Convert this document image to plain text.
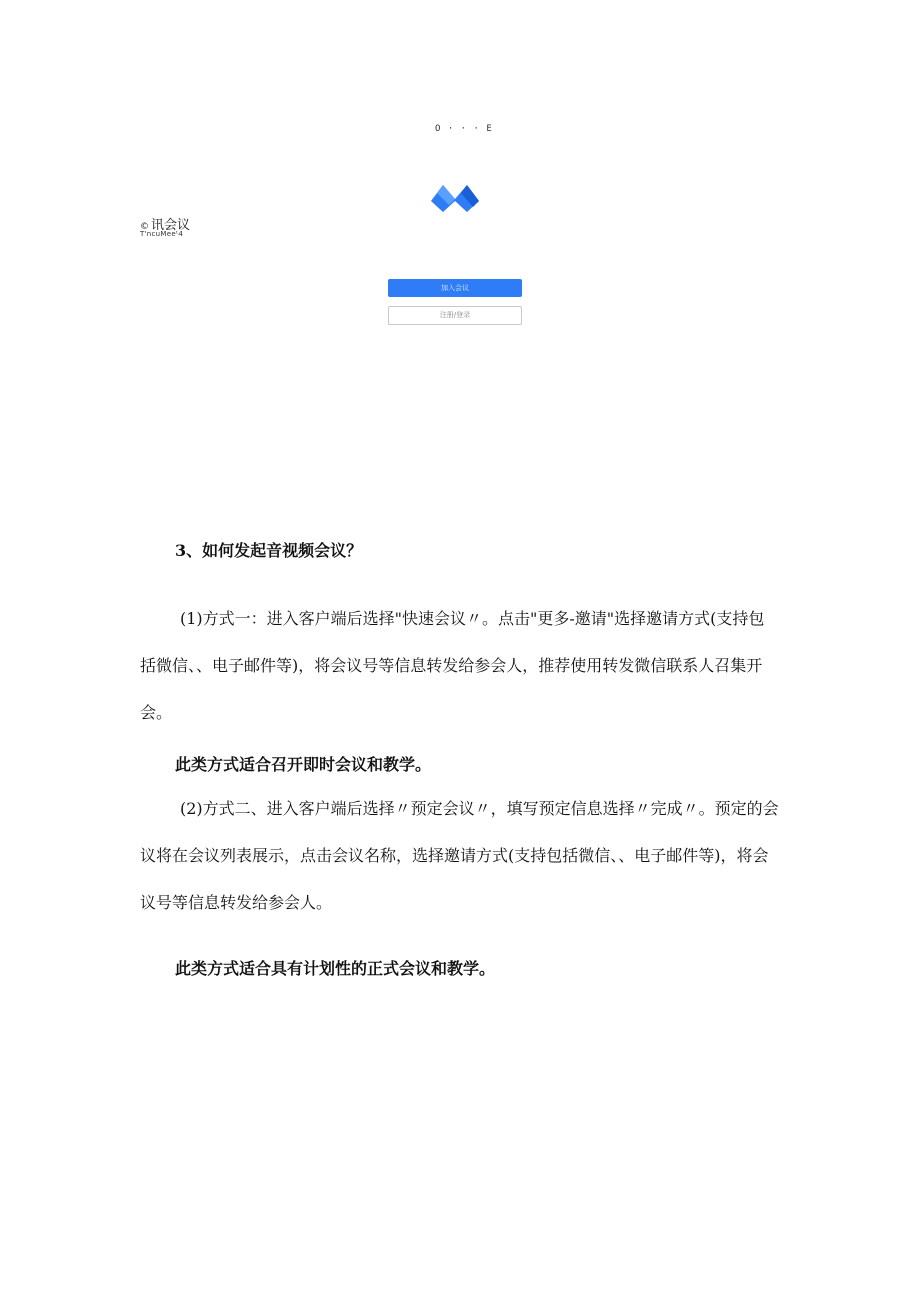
O · · · E
© 讯会议
T'ncuMeeᵗ4
加入会议
注册/登录
3、如何发起音视频会议？

(1)方式一：进入客户端后选择"快速会议〃。点击"更多-邀请"选择邀请方式(支持包括微信、、电子邮件等)，将会议号等信息转发给参会人，推荐使用转发微信联系人召集开会。

此类方式适合召开即时会议和教学。

(2)方式二、进入客户端后选择〃预定会议〃，填写预定信息选择〃完成〃。预定的会议将在会议列表展示，点击会议名称，选择邀请方式(支持包括微信、、电子邮件等)，将会议号等信息转发给参会人。

此类方式适合具有计划性的正式会议和教学。
